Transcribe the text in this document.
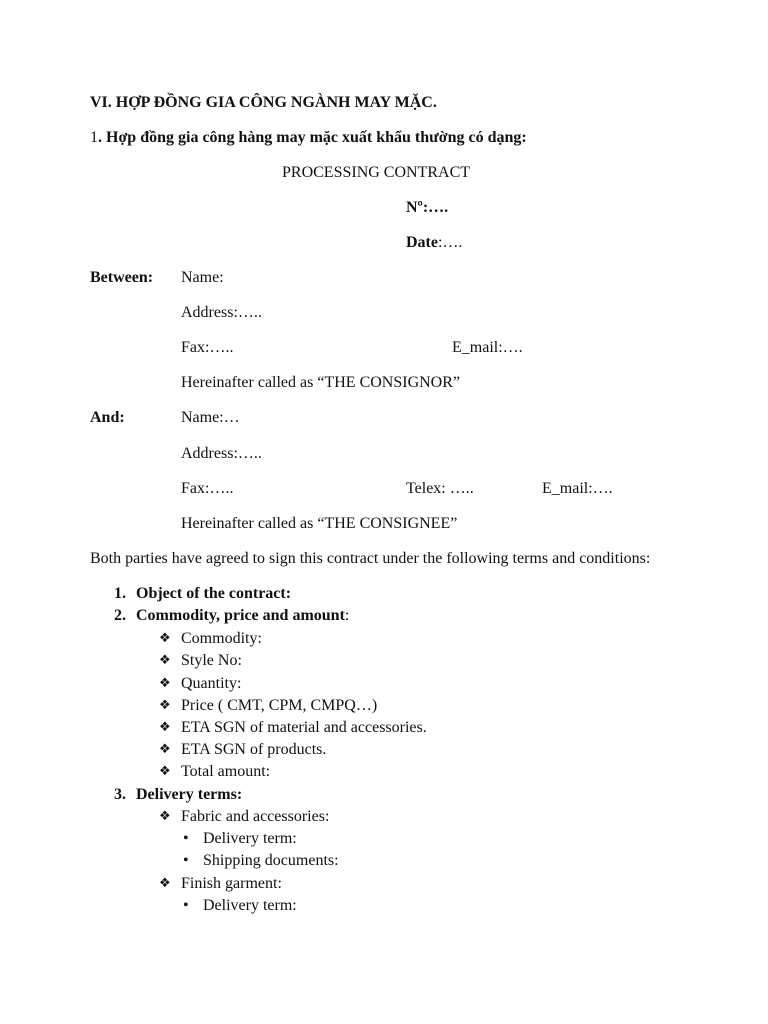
VI. HỢP ĐỒNG GIA CÔNG NGÀNH MAY MẶC.
1. Hợp đồng gia công hàng may mặc xuất khẩu thường có dạng:
PROCESSING CONTRACT
Nº:….
Date:….
Between: Name:
Address:…..
Fax:…..	E_mail:….
Hereinafter called as “THE CONSIGNOR”
And:	Name:…
Address:…..
Fax:…..	Telex: …..	E_mail:….
Hereinafter called as “THE CONSIGNEE”
Both parties have agreed to sign this contract under the following terms and conditions:
1. Object of the contract:
2. Commodity, price and amount:
❖ Commodity:
❖ Style No:
❖ Quantity:
❖ Price ( CMT, CPM, CMPQ…)
❖ ETA SGN of material and accessories.
❖ ETA SGN of products.
❖ Total amount:
3. Delivery terms:
❖ Fabric and accessories:
• Delivery term:
• Shipping documents:
❖ Finish garment:
• Delivery term:
